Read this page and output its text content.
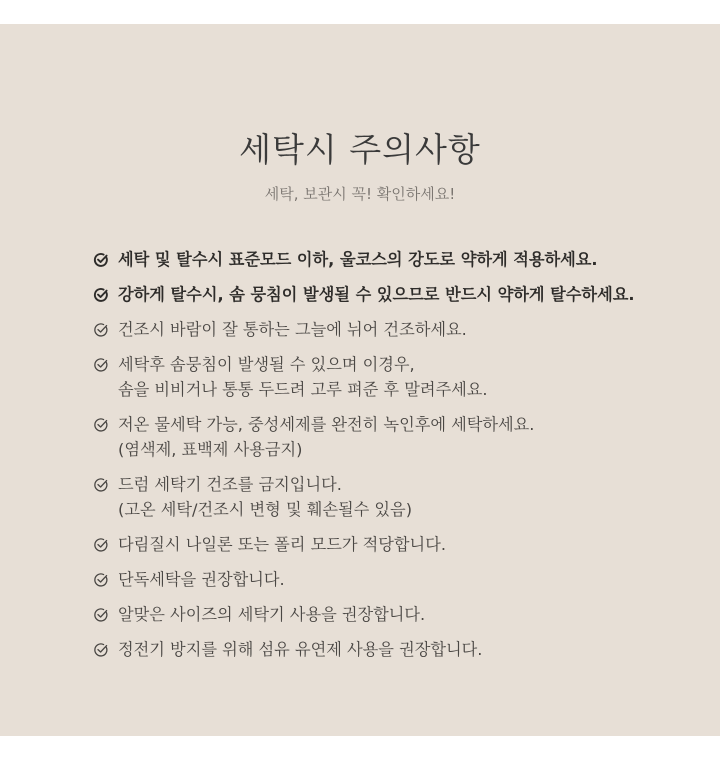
세탁시 주의사항

세탁, 보관시 꼭! 확인하세요!

세탁 및 탈수시 표준모드 이하, 울코스의 강도로 약하게 적용하세요.
강하게 탈수시, 솜 뭉침이 발생될 수 있으므로 반드시 약하게 탈수하세요.
건조시 바람이 잘 통하는 그늘에 뉘어 건조하세요.
세탁후 솜뭉침이 발생될 수 있으며 이경우,
솜을 비비거나 통통 두드려 고루 펴준 후 말려주세요.
저온 물세탁 가능, 중성세제를 완전히 녹인후에 세탁하세요.
(염색제, 표백제 사용금지)
드럼 세탁기 건조를 금지입니다.
(고온 세탁/건조시 변형 및 훼손될수 있음)
다림질시 나일론 또는 폴리 모드가 적당합니다.
단독세탁을 권장합니다.
알맞은 사이즈의 세탁기 사용을 권장합니다.
정전기 방지를 위해 섬유 유연제 사용을 권장합니다.
